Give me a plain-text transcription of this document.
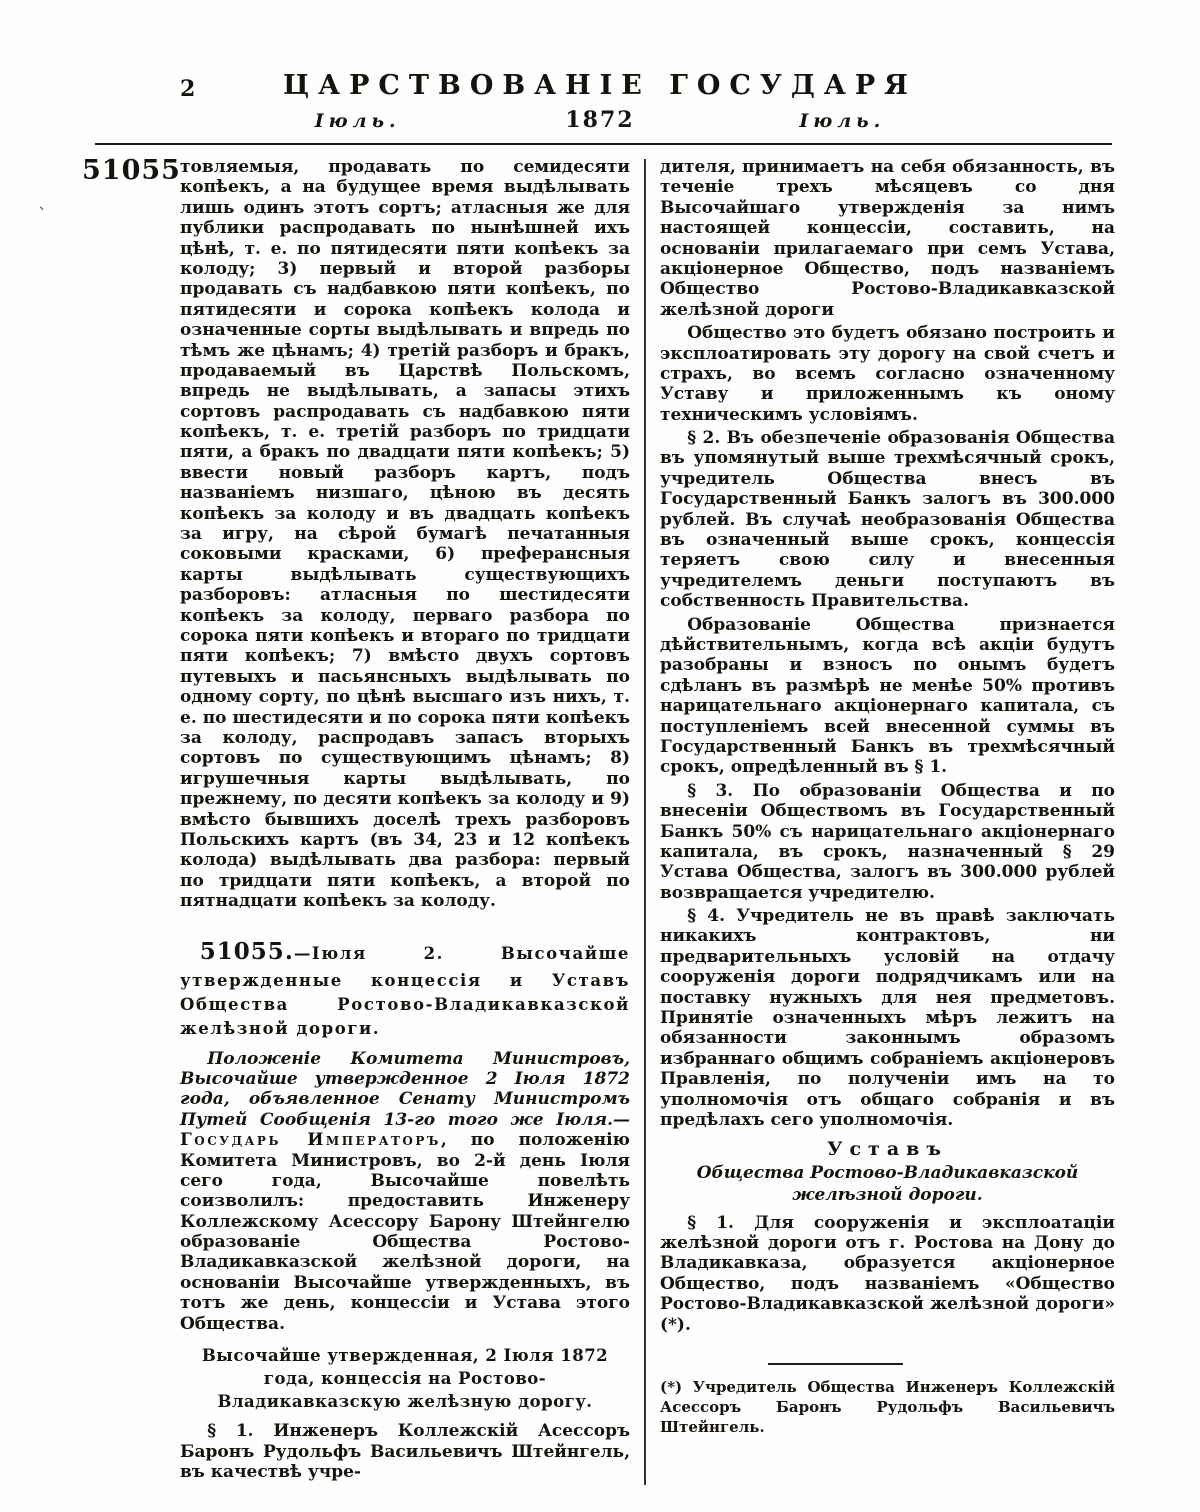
2	ЦАРСТВОВАНІЕ ГОСУДАРЯ
Іюль.	1872	Іюль.
51055
`

товляемыя, продавать по семидесяти копѣекъ, а на будущее время выдѣлывать лишь одинъ этотъ сортъ; атласныя же для публики распродавать по нынѣшней ихъ цѣнѣ, т. е. по пятидесяти пяти копѣекъ за колоду; 3) первый и второй разборы продавать съ надбавкою пяти копѣекъ, по пятидесяти и сорока копѣекъ колода и означенные сорты выдѣлывать и впредь по тѣмъ же цѣнамъ; 4) третій разборъ и бракъ, продаваемый въ Царствѣ Польскомъ, впредь не выдѣлывать, а запасы этихъ сортовъ распродавать съ надбавкою пяти копѣекъ, т. е. третій разборъ по тридцати пяти, а бракъ по двадцати пяти копѣекъ; 5) ввести новый разборъ картъ, подъ названіемъ низшаго, цѣною въ десять копѣекъ за колоду и въ двадцать копѣекъ за игру, на сѣрой бумагѣ печатанныя соковыми красками, 6) преферансныя карты выдѣлывать существующихъ разборовъ: атласныя по шестидесяти копѣекъ за колоду, перваго разбора по сорока пяти копѣекъ и втораго по тридцати пяти копѣекъ; 7) вмѣсто двухъ сортовъ путевыхъ и пасьянсныхъ выдѣлывать по одному сорту, по цѣнѣ высшаго изъ нихъ, т. е. по шестидесяти и по сорока пяти копѣекъ за колоду, распродавъ запасъ вторыхъ сортовъ по существующимъ цѣнамъ; 8) игрушечныя карты выдѣлывать, по прежнему, по десяти копѣекъ за колоду и 9) вмѣсто бывшихъ доселѣ трехъ разборовъ Польскихъ картъ (въ 34, 23 и 12 копѣекъ колода) выдѣлывать два разбора: первый по тридцати пяти копѣекъ, а второй по пятнадцати копѣекъ за колоду.

51055.—Іюля 2. Высочайше утвержденные концессія и Уставъ Общества Ростово-Владикавказской желѣзной дороги.

Положеніе Комитета Министровъ, Высочайше утвержденное 2 Іюля 1872 года, объявленное Сенату Министромъ Путей Сообщенія 13-го того же Іюля.—Государь Императоръ, по положенію Комитета Министровъ, во 2-й день Іюля сего года, Высочайше повелѣть соизволилъ: предоставить Инженеру Коллежскому Асессору Барону Штейнгелю образованіе Общества Ростово-Владикавказской желѣзной дороги, на основаніи Высочайше утвержденныхъ, въ тотъ же день, концессіи и Устава этого Общества.

Высочайше утвержденная, 2 Іюля 1872 года, концессія на Ростово-Владикавказскую желѣзную дорогу.

§ 1. Инженеръ Коллежскій Асессоръ Баронъ Рудольфъ Васильевичъ Штейнгель, въ качествѣ учре-

дителя, принимаетъ на себя обязанность, въ теченіе трехъ мѣсяцевъ со дня Высочайшаго утвержденія за нимъ настоящей концессіи, составить, на основаніи прилагаемаго при семъ Устава, акціонерное Общество, подъ названіемъ Общество Ростово-Владикавказской желѣзной дороги

Общество это будетъ обязано построить и эксплоатировать эту дорогу на свой счетъ и страхъ, во всемъ согласно означенному Уставу и приложеннымъ къ оному техническимъ условіямъ.

§ 2. Въ обезпеченіе образованія Общества въ упомянутый выше трехмѣсячный срокъ, учредитель Общества внесъ въ Государственный Банкъ залогъ въ 300.000 рублей. Въ случаѣ необразованія Общества въ означенный выше срокъ, концессія теряетъ свою силу и внесенныя учредителемъ деньги поступаютъ въ собственность Правительства.

Образованіе Общества признается дѣйствительнымъ, когда всѣ акціи будутъ разобраны и взносъ по онымъ будетъ сдѣланъ въ размѣрѣ не менѣе 50% противъ нарицательнаго акціонернаго капитала, съ поступленіемъ всей внесенной суммы въ Государственный Банкъ въ трехмѣсячный срокъ, опредѣленный въ § 1.

§ 3. По образованіи Общества и по внесеніи Обществомъ въ Государственный Банкъ 50% съ нарицательнаго акціонернаго капитала, въ срокъ, назначенный § 29 Устава Общества, залогъ въ 300.000 рублей возвращается учредителю.

§ 4. Учредитель не въ правѣ заключать никакихъ контрактовъ, ни предварительныхъ условій на отдачу сооруженія дороги подрядчикамъ или на поставку нужныхъ для нея предметовъ. Принятіе означенныхъ мѣръ лежитъ на обязанности законнымъ образомъ избраннаго общимъ собраніемъ акціонеровъ Правленія, по полученіи имъ на то уполномочія отъ общаго собранія и въ предѣлахъ сего уполномочія.

Уставъ

Общества Ростово-Владикавказской желѣзной дороги.

§ 1. Для сооруженія и эксплоатаціи желѣзной дороги отъ г. Ростова на Дону до Владикавказа, образуется акціонерное Общество, подъ названіемъ «Общество Ростово-Владикавказской желѣзной дороги» (*).

(*) Учредитель Общества Инженеръ Коллежскій Асессоръ Баронъ Рудольфъ Васильевичъ Штейнгель.
